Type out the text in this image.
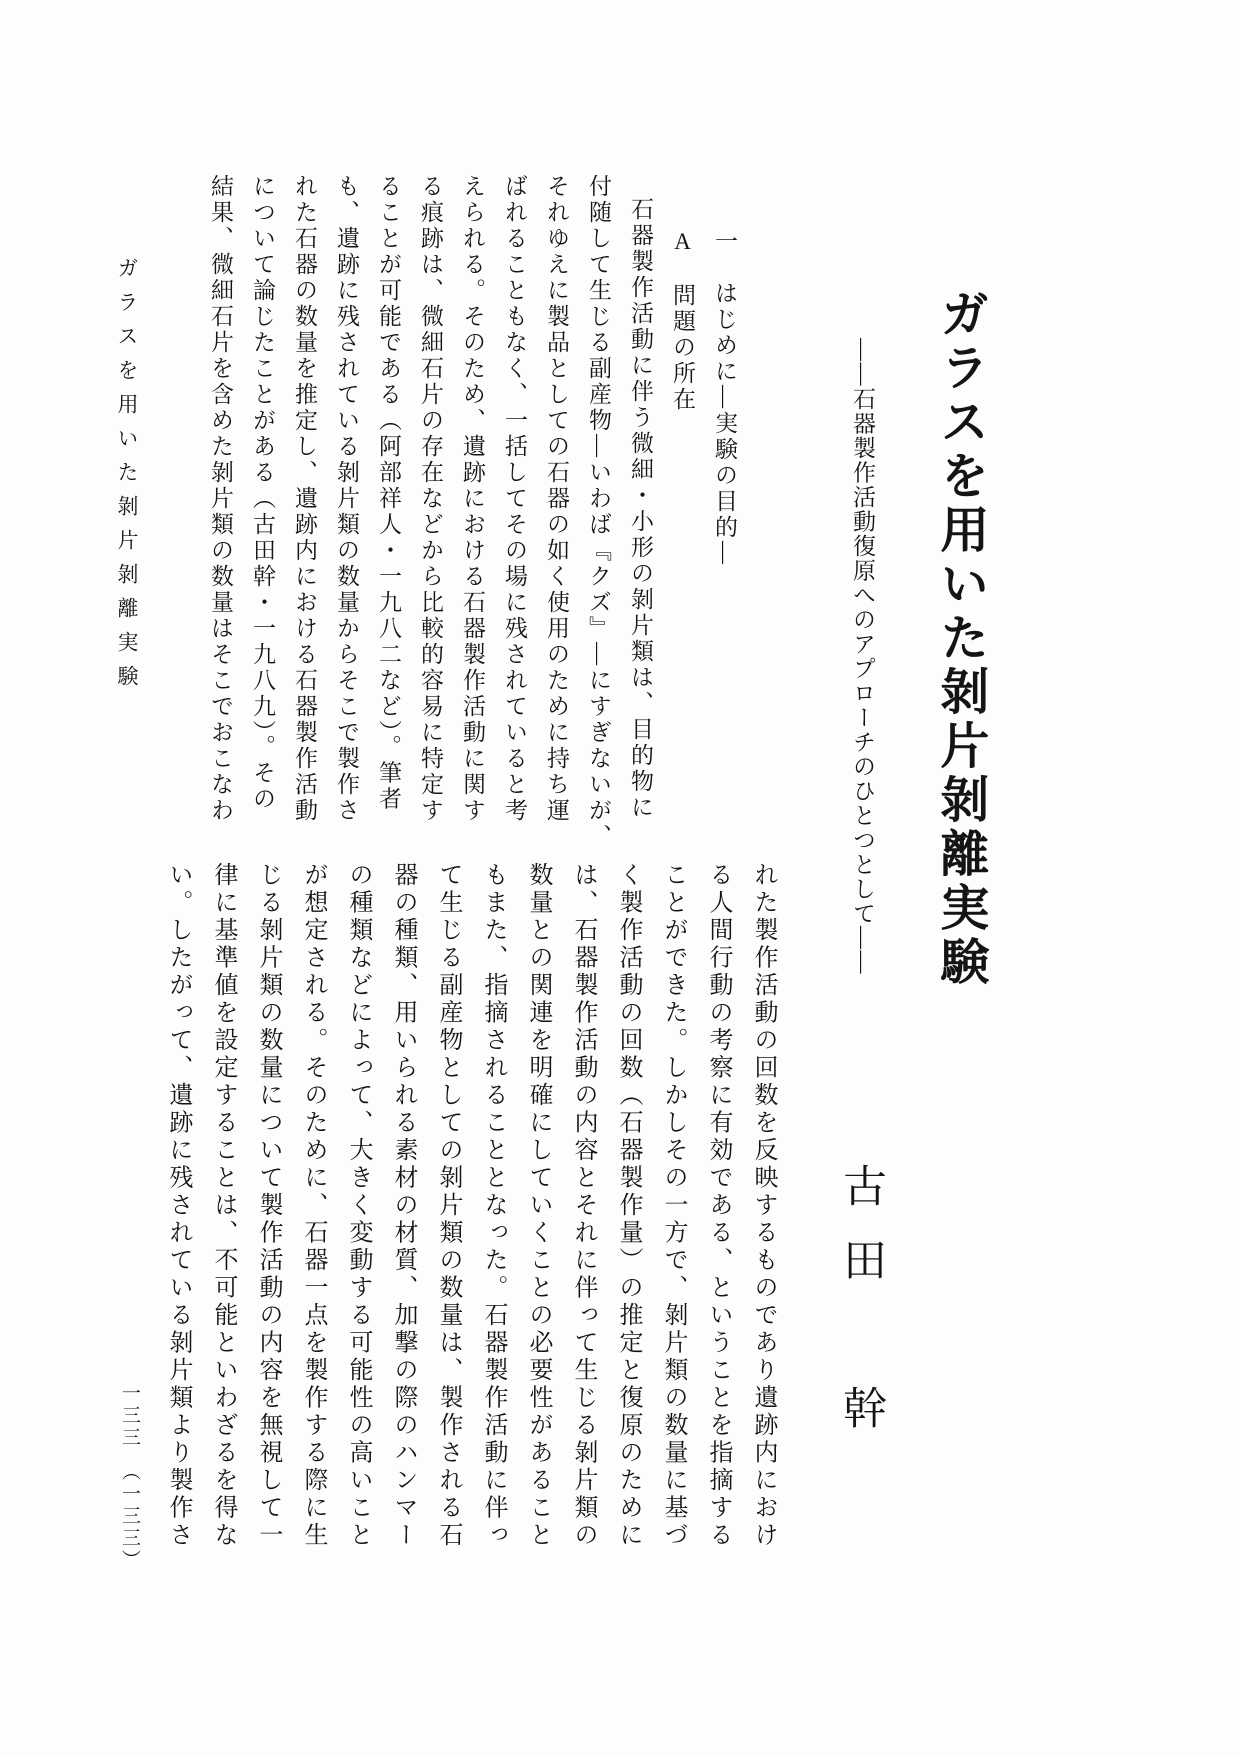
ガラスを用いた剝片剝離実験
――石器製作活動復原へのアプローチのひとつとして――
古田　幹

一　はじめに―実験の目的―

A　問題の所在

石器製作活動に伴う微細・小形の剝片類は、目的物に

付随して生じる副産物―いわば『クズ』―にすぎないが、

それゆえに製品としての石器の如く使用のために持ち運

ばれることもなく、一括してその場に残されていると考

えられる。そのため、遺跡における石器製作活動に関す

る痕跡は、微細石片の存在などから比較的容易に特定す

ることが可能である（阿部祥人・一九八二など）。筆者

も、遺跡に残されている剝片類の数量からそこで製作さ

れた石器の数量を推定し、遺跡内における石器製作活動

について論じたことがある（古田幹・一九八九）。その

結果、微細石片を含めた剝片類の数量はそこでおこなわ

れた製作活動の回数を反映するものであり遺跡内におけ

る人間行動の考察に有効である、ということを指摘する

ことができた。しかしその一方で、剝片類の数量に基づ

く製作活動の回数（石器製作量）の推定と復原のために

は、石器製作活動の内容とそれに伴って生じる剝片類の

数量との関連を明確にしていくことの必要性があること

もまた、指摘されることとなった。石器製作活動に伴っ

て生じる副産物としての剝片類の数量は、製作される石

器の種類、用いられる素材の材質、加撃の際のハンマー

の種類などによって、大きく変動する可能性の高いこと

が想定される。そのために、石器一点を製作する際に生

じる剝片類の数量について製作活動の内容を無視して一

律に基準値を設定することは、不可能といわざるを得な

い。したがって、遺跡に残されている剝片類より製作さ

ガラスを用いた剝片剝離実験
一三三　（一三三）
